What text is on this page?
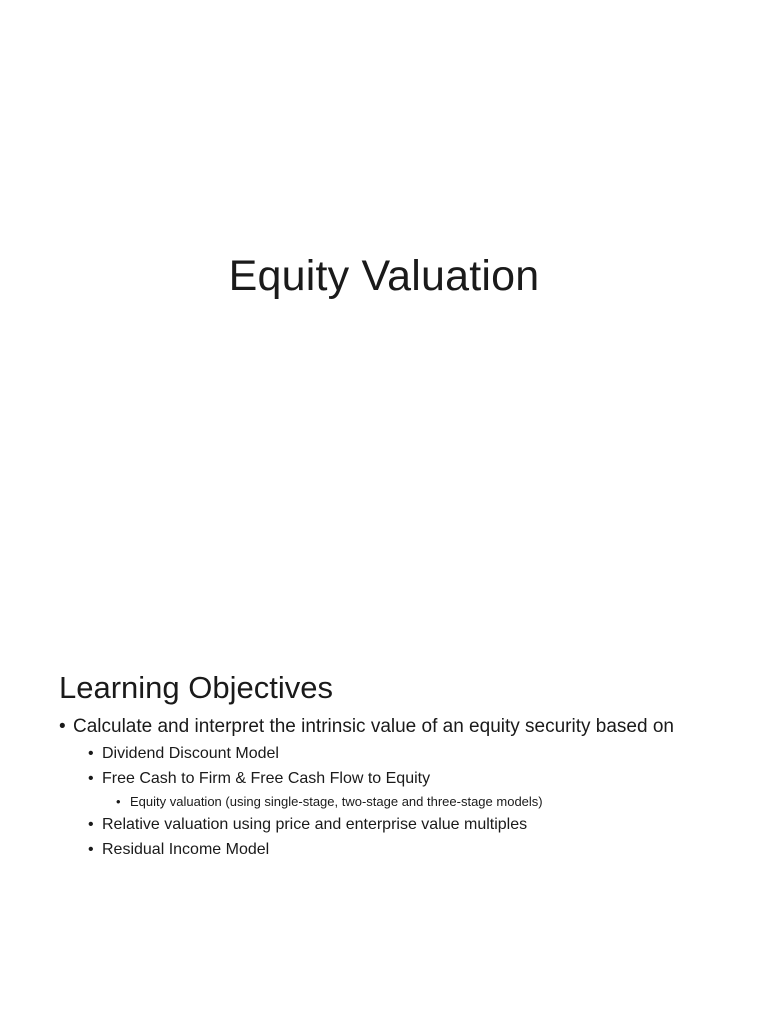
Equity Valuation
Learning Objectives
• Calculate and interpret the intrinsic value of an equity security based on
• Dividend Discount Model
• Free Cash to Firm & Free Cash Flow to Equity
• Equity valuation (using single-stage, two-stage and three-stage models)
• Relative valuation using price and enterprise value multiples
• Residual Income Model
